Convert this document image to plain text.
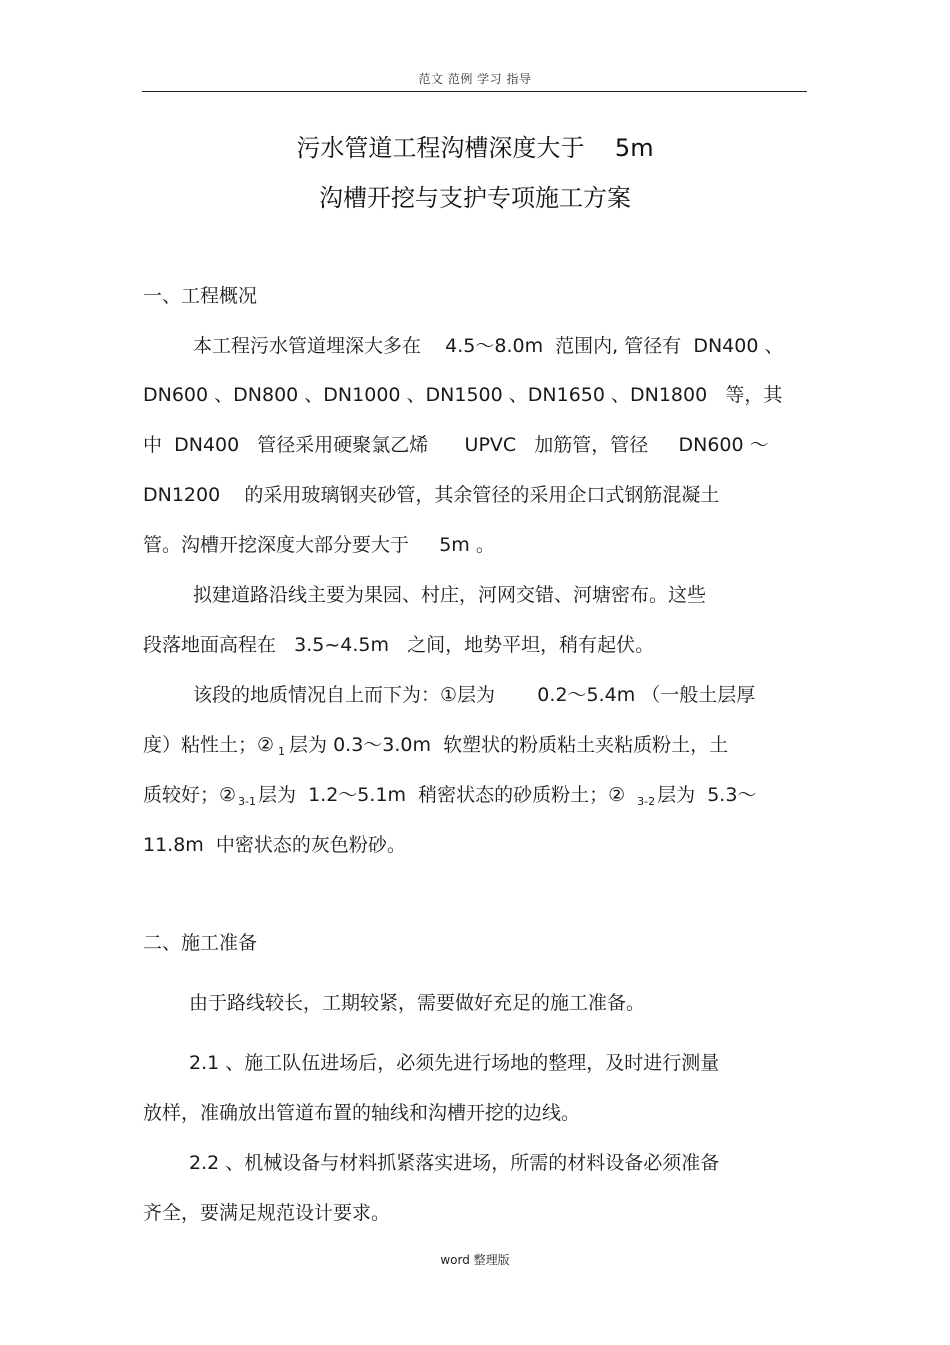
范文 范例 学习 指导
污水管道工程沟槽深度大于    5m
沟槽开挖与支护专项施工方案
一、工程概况
本工程污水管道埋深大多在    4.5～8.0m  范围内, 管径有  DN400 、
DN600 、DN800 、DN1000 、DN1500 、DN1650 、DN1800   等，其
中  DN400   管径采用硬聚氯乙烯      UPVC   加筋管，管径     DN600 ～
DN1200    的采用玻璃钢夹砂管，其余管径的采用企口式钢筋混凝土
管。沟槽开挖深度大部分要大于     5m 。
拟建道路沿线主要为果园、村庄，河网交错、河塘密布。这些
段落地面高程在   3.5~4.5m   之间，地势平坦，稍有起伏。
该段的地质情况自上而下为：①层为       0.2～5.4m （一般土层厚
度）粘性土；② $_1$ 层为 0.3～3.0m  软塑状的粉质粘土夹粘质粉土，土
质较好；② $_{3-1}$ 层为  1.2～5.1m  稍密状态的砂质粉土；② $_{3-2}$ 层为  5.3～
11.8m  中密状态的灰色粉砂。
二、施工准备
由于路线较长，工期较紧，需要做好充足的施工准备。
2.1 、施工队伍进场后，必须先进行场地的整理，及时进行测量
放样，准确放出管道布置的轴线和沟槽开挖的边线。
2.2 、机械设备与材料抓紧落实进场，所需的材料设备必须准备
齐全，要满足规范设计要求。
word 整理版
